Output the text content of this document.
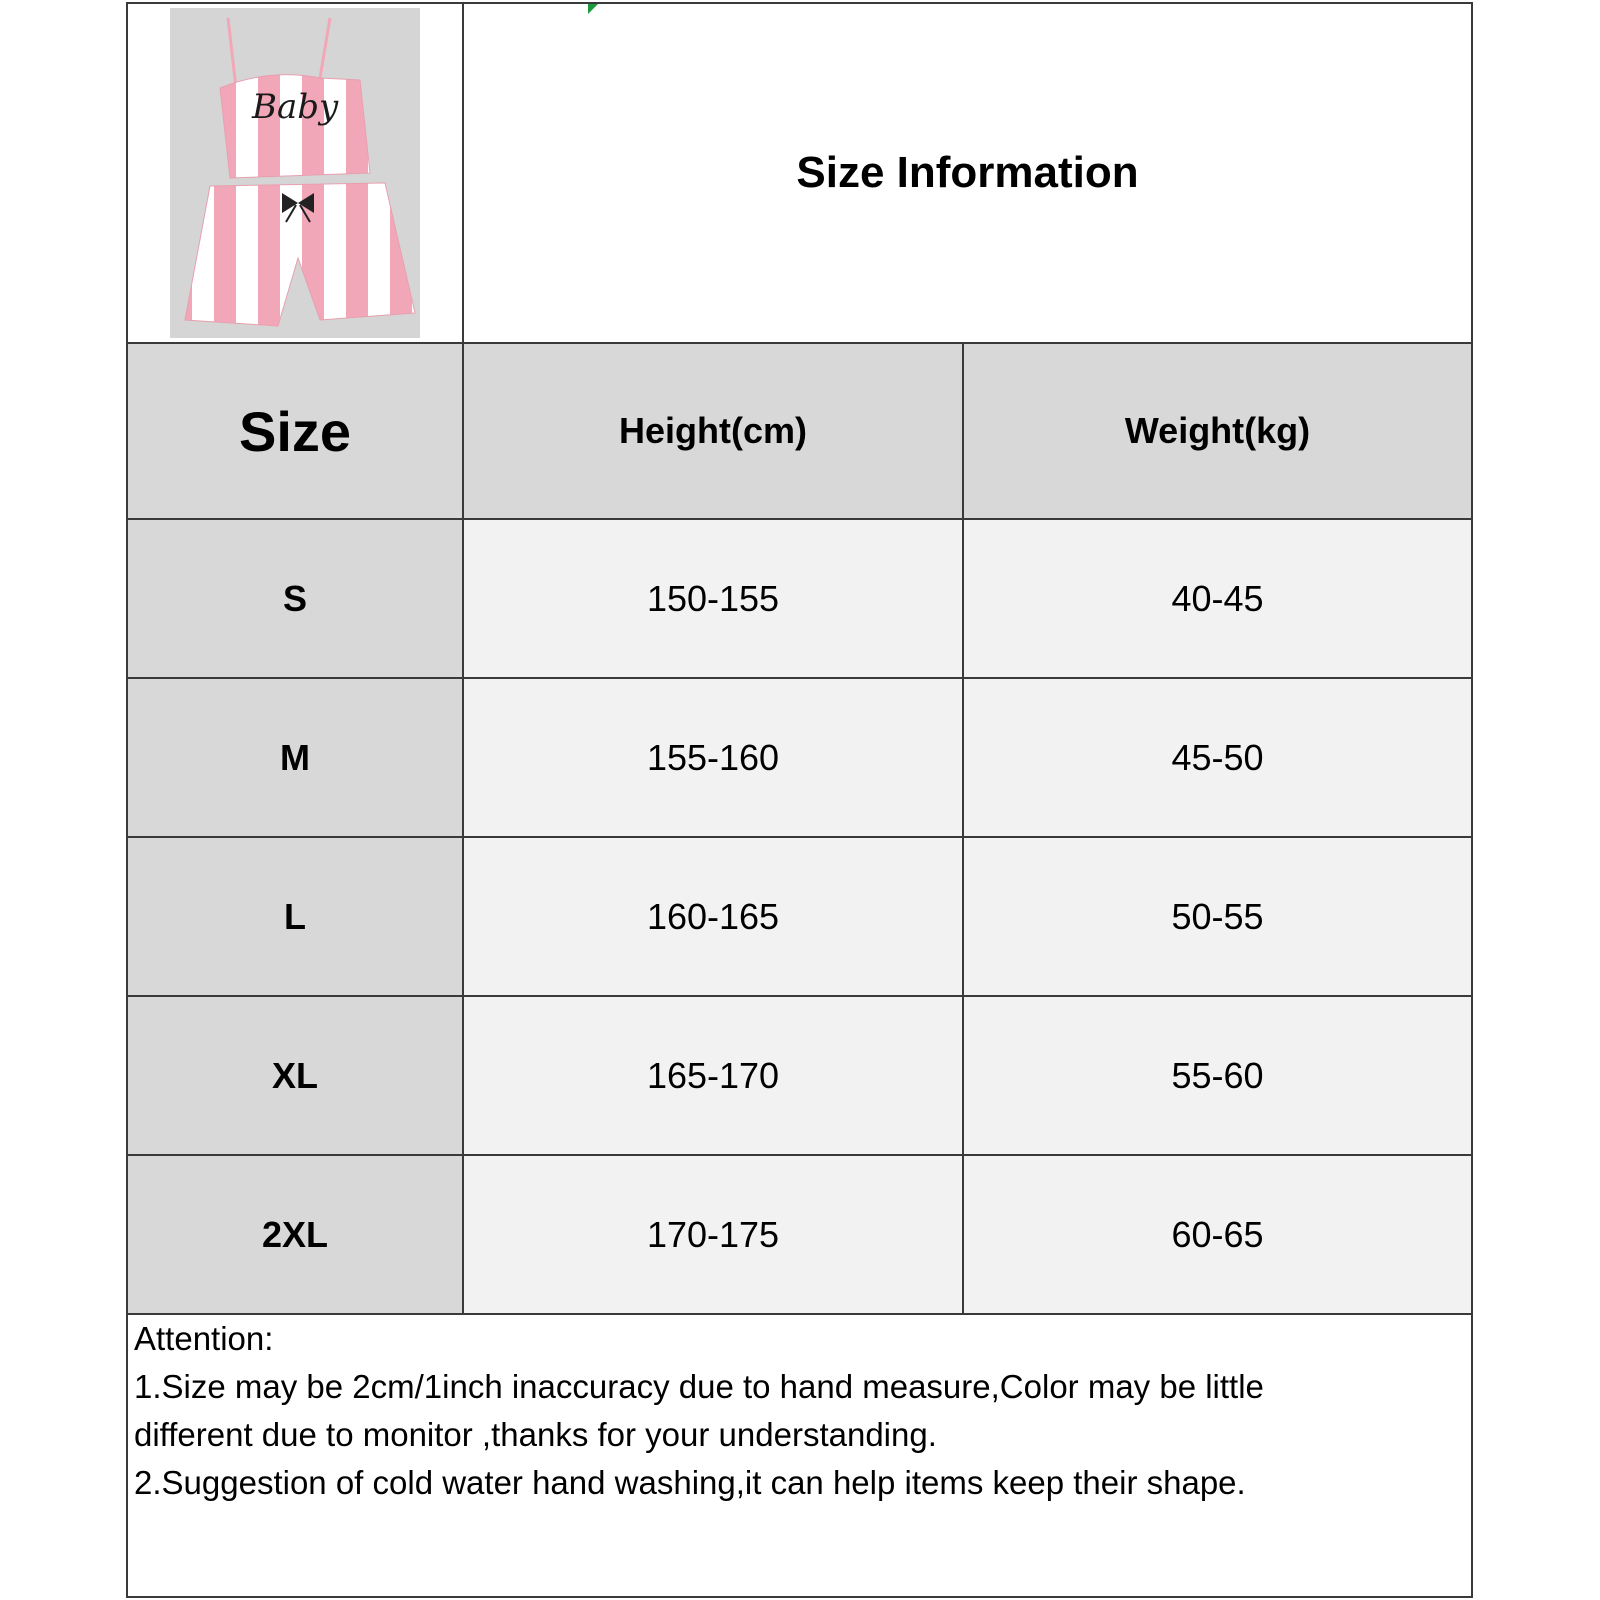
Baby
Size Information
Size	Height(cm)	Weight(kg)
S	150-155	40-45
M	155-160	45-50
L	160-165	50-55
XL	165-170	55-60
2XL	170-175	60-65
Attention:
1.Size may be 2cm/1inch inaccuracy due to hand measure,Color may be little
different due to monitor ,thanks for your understanding.
2.Suggestion of cold water hand washing,it can help items keep their shape.
